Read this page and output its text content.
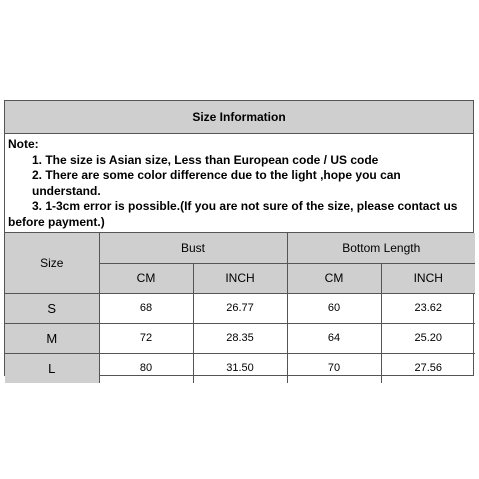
Size Information
Note:
1. The size is Asian size, Less than European code / US code
2. There are some color difference due to the light ,hope you can understand.
3. 1-3cm error is possible.(If you are not sure of the size, please contact us
before payment.)
Size	Bust		Bottom Length	
	CM	INCH	CM	INCH
S	68	26.77	60	23.62
M	72	28.35	64	25.20
L	80	31.50	70	27.56
